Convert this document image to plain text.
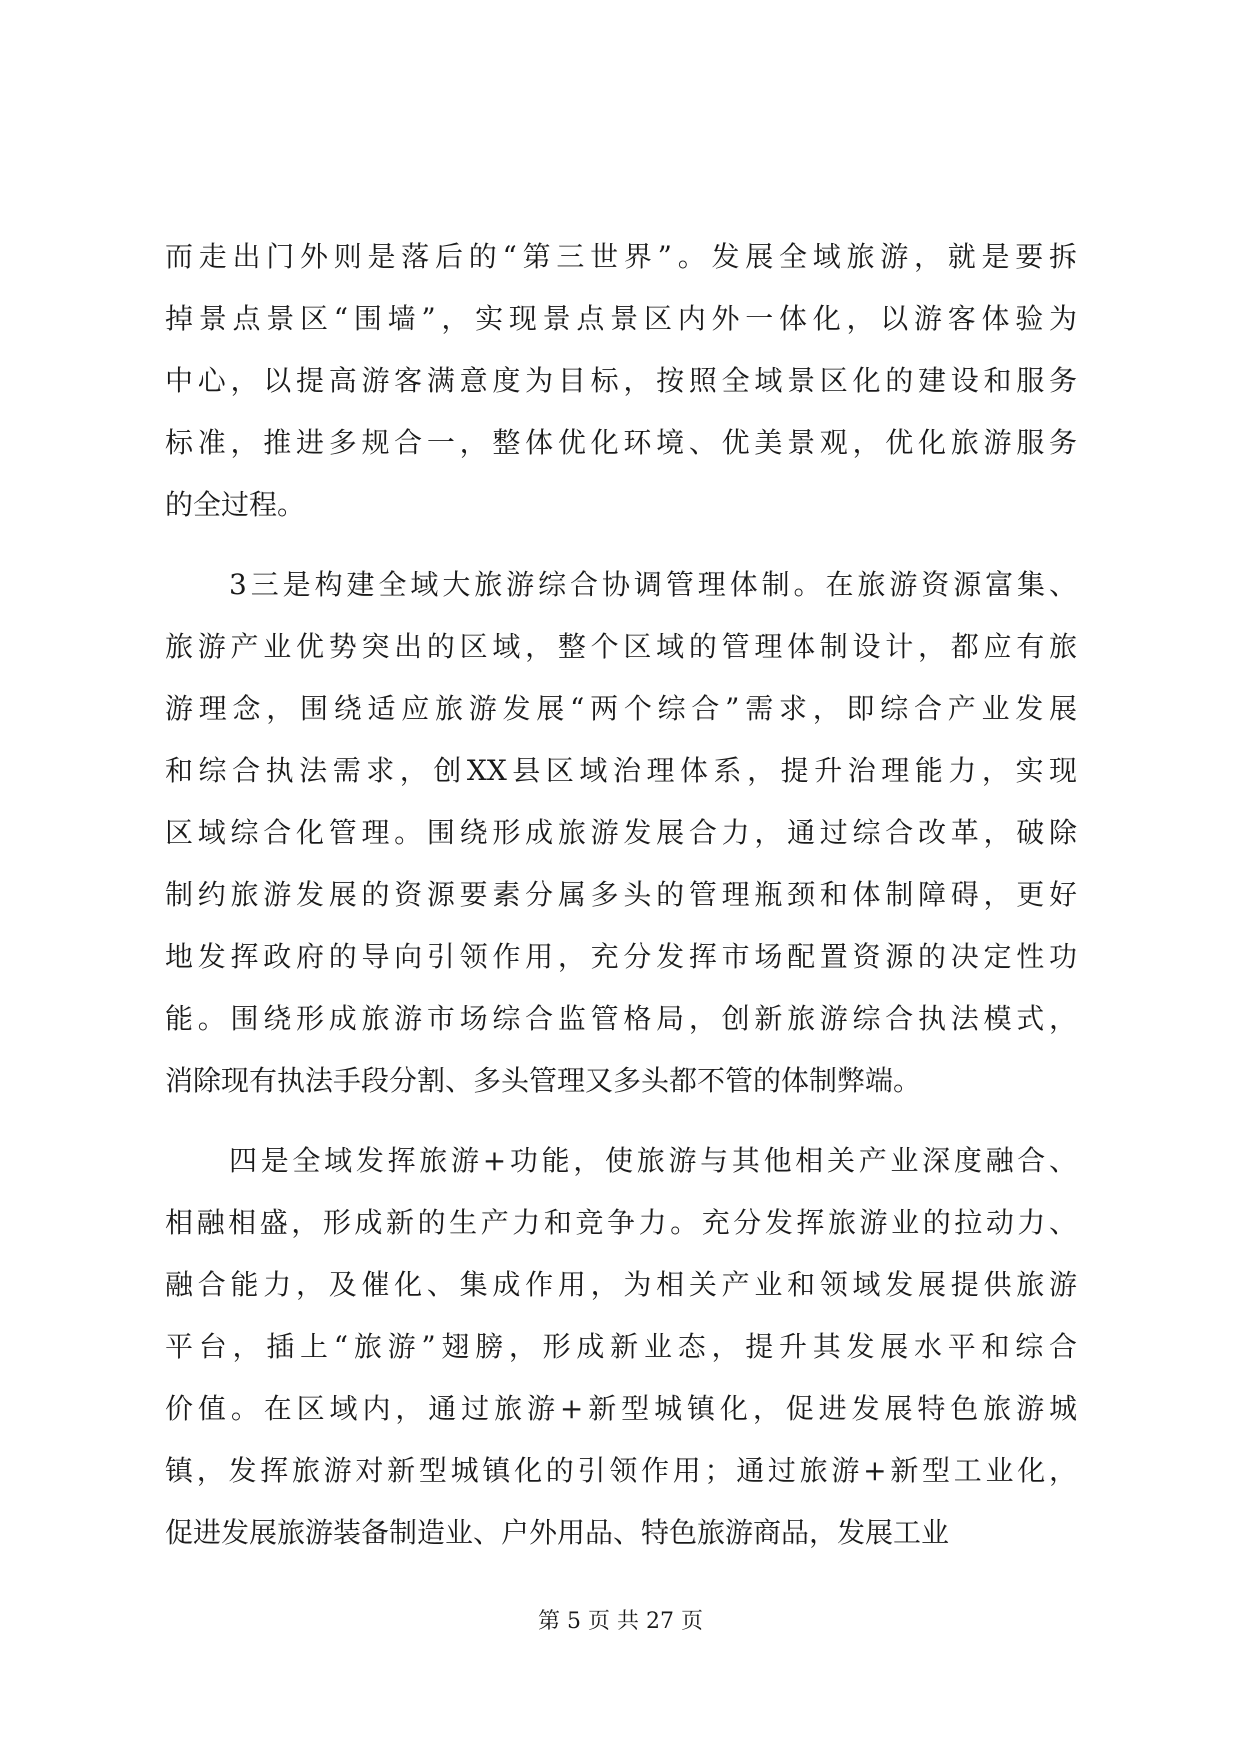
而走出门外则是落后的“第三世界”。发展全域旅游，就是要拆
掉景点景区“围墙”，实现景点景区内外一体化，以游客体验为
中心，以提高游客满意度为目标，按照全域景区化的建设和服务
标准，推进多规合一，整体优化环境、优美景观，优化旅游服务
的全过程。
3三是构建全域大旅游综合协调管理体制。在旅游资源富集、
旅游产业优势突出的区域，整个区域的管理体制设计，都应有旅
游理念，围绕适应旅游发展“两个综合”需求，即综合产业发展
和综合执法需求，创XX县区域治理体系，提升治理能力，实现
区域综合化管理。围绕形成旅游发展合力，通过综合改革，破除
制约旅游发展的资源要素分属多头的管理瓶颈和体制障碍，更好
地发挥政府的导向引领作用，充分发挥市场配置资源的决定性功
能。围绕形成旅游市场综合监管格局，创新旅游综合执法模式，
消除现有执法手段分割、多头管理又多头都不管的体制弊端。
四是全域发挥旅游+功能，使旅游与其他相关产业深度融合、
相融相盛，形成新的生产力和竞争力。充分发挥旅游业的拉动力、
融合能力，及催化、集成作用，为相关产业和领域发展提供旅游
平台，插上“旅游”翅膀，形成新业态，提升其发展水平和综合
价值。在区域内，通过旅游+新型城镇化，促进发展特色旅游城
镇，发挥旅游对新型城镇化的引领作用；通过旅游+新型工业化，
促进发展旅游装备制造业、户外用品、特色旅游商品，发展工业
第 5 页 共 27 页
